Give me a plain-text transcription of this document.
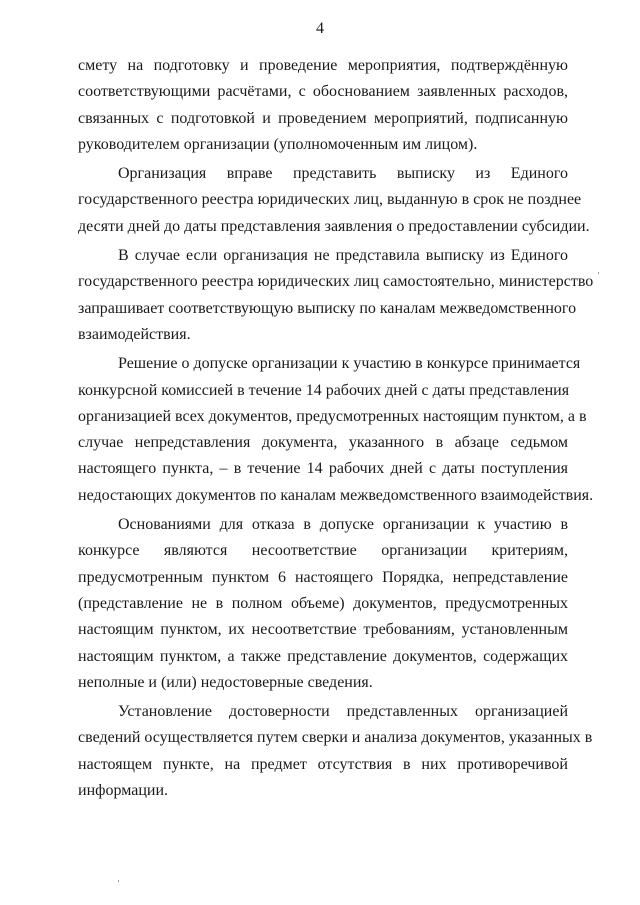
4
смету на подготовку и проведение мероприятия, подтверждённую
соответствующими расчётами, с обоснованием заявленных расходов,
связанных с подготовкой и проведением мероприятий, подписанную
руководителем организации (уполномоченным им лицом).
Организация вправе представить выписку из Единого
государственного реестра юридических лиц, выданную в срок не позднее
десяти дней до даты представления заявления о предоставлении субсидии.
В случае если организация не представила выписку из Единого
государственного реестра юридических лиц самостоятельно, министерство
запрашивает соответствующую выписку по каналам межведомственного
взаимодействия.
Решение о допуске организации к участию в конкурсе принимается
конкурсной комиссией в течение 14 рабочих дней с даты представления
организацией всех документов, предусмотренных настоящим пунктом, а в
случае непредставления документа, указанного в абзаце седьмом
настоящего пункта, – в течение 14 рабочих дней с даты поступления
недостающих документов по каналам межведомственного взаимодействия.
Основаниями для отказа в допуске организации к участию в
конкурсе являются несоответствие организации критериям,
предусмотренным пунктом 6 настоящего Порядка, непредставление
(представление не в полном объеме) документов, предусмотренных
настоящим пунктом, их несоответствие требованиям, установленным
настоящим пунктом, а также представление документов, содержащих
неполные и (или) недостоверные сведения.
Установление достоверности представленных организацией
сведений осуществляется путем сверки и анализа документов, указанных в
настоящем пункте, на предмет отсутствия в них противоречивой
информации.
